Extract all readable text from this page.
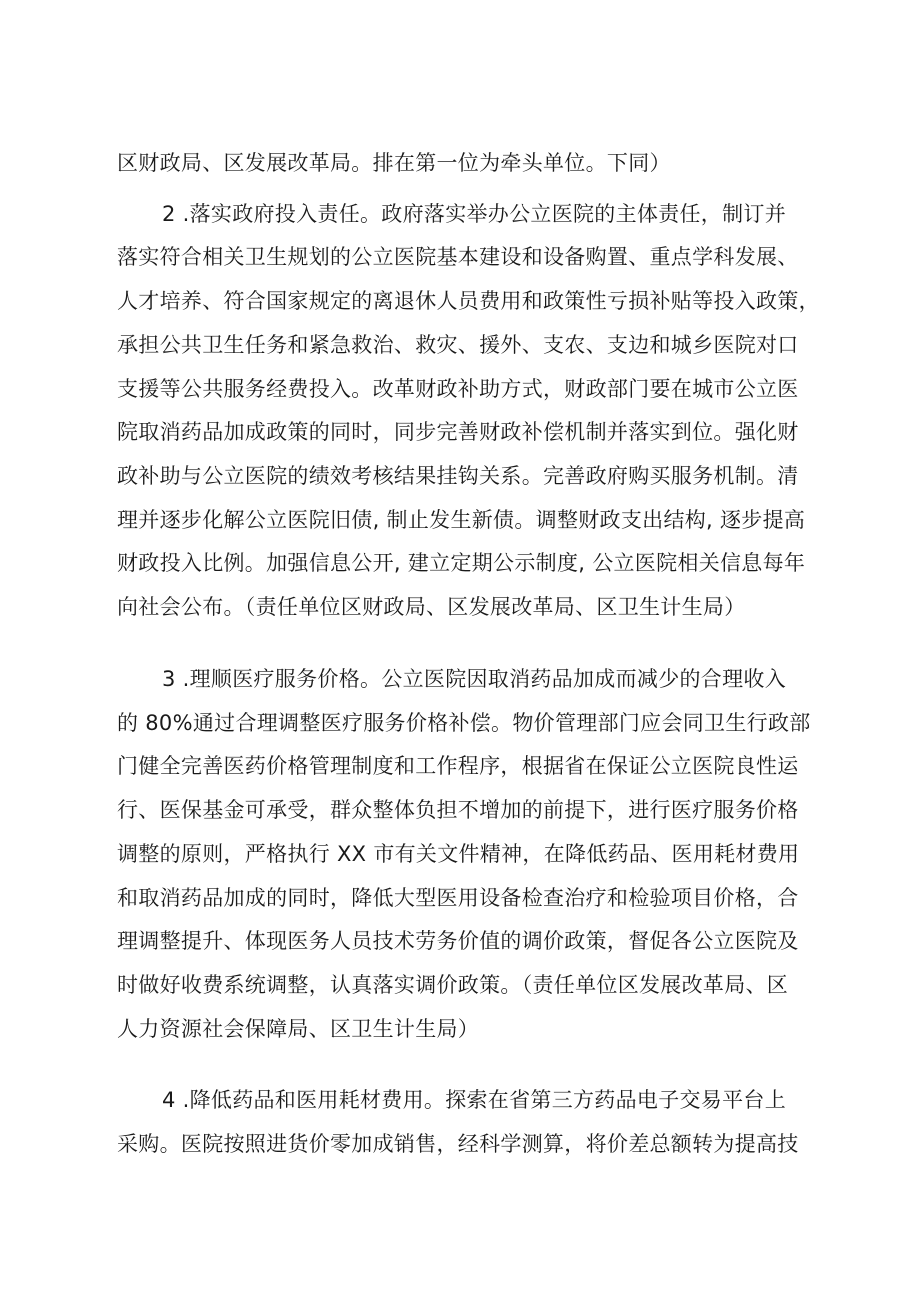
区财政局、区发展改革局。排在第一位为牵头单位。下同）
2 .落实政府投入责任。政府落实举办公立医院的主体责任，制订并
落实符合相关卫生规划的公立医院基本建设和设备购置、重点学科发展、
人才培养、符合国家规定的离退休人员费用和政策性亏损补贴等投入政策，
承担公共卫生任务和紧急救治、救灾、援外、支农、支边和城乡医院对口
支援等公共服务经费投入。改革财政补助方式，财政部门要在城市公立医
院取消药品加成政策的同时，同步完善财政补偿机制并落实到位。强化财
政补助与公立医院的绩效考核结果挂钩关系。完善政府购买服务机制。清
理并逐步化解公立医院旧债, 制止发生新债。调整财政支出结构, 逐步提高
财政投入比例。加强信息公开, 建立定期公示制度, 公立医院相关信息每年
向社会公布。（责任单位区财政局、区发展改革局、区卫生计生局）
3 .理顺医疗服务价格。公立医院因取消药品加成而减少的合理收入
的 80%通过合理调整医疗服务价格补偿。物价管理部门应会同卫生行政部
门健全完善医药价格管理制度和工作程序，根据省在保证公立医院良性运
行、医保基金可承受，群众整体负担不增加的前提下，进行医疗服务价格
调整的原则，严格执行 XX 市有关文件精神，在降低药品、医用耗材费用
和取消药品加成的同时，降低大型医用设备检查治疗和检验项目价格，合
理调整提升、体现医务人员技术劳务价值的调价政策，督促各公立医院及
时做好收费系统调整，认真落实调价政策。（责任单位区发展改革局、区
人力资源社会保障局、区卫生计生局）
4 .降低药品和医用耗材费用。探索在省第三方药品电子交易平台上
采购。医院按照进货价零加成销售，经科学测算，将价差总额转为提高技
